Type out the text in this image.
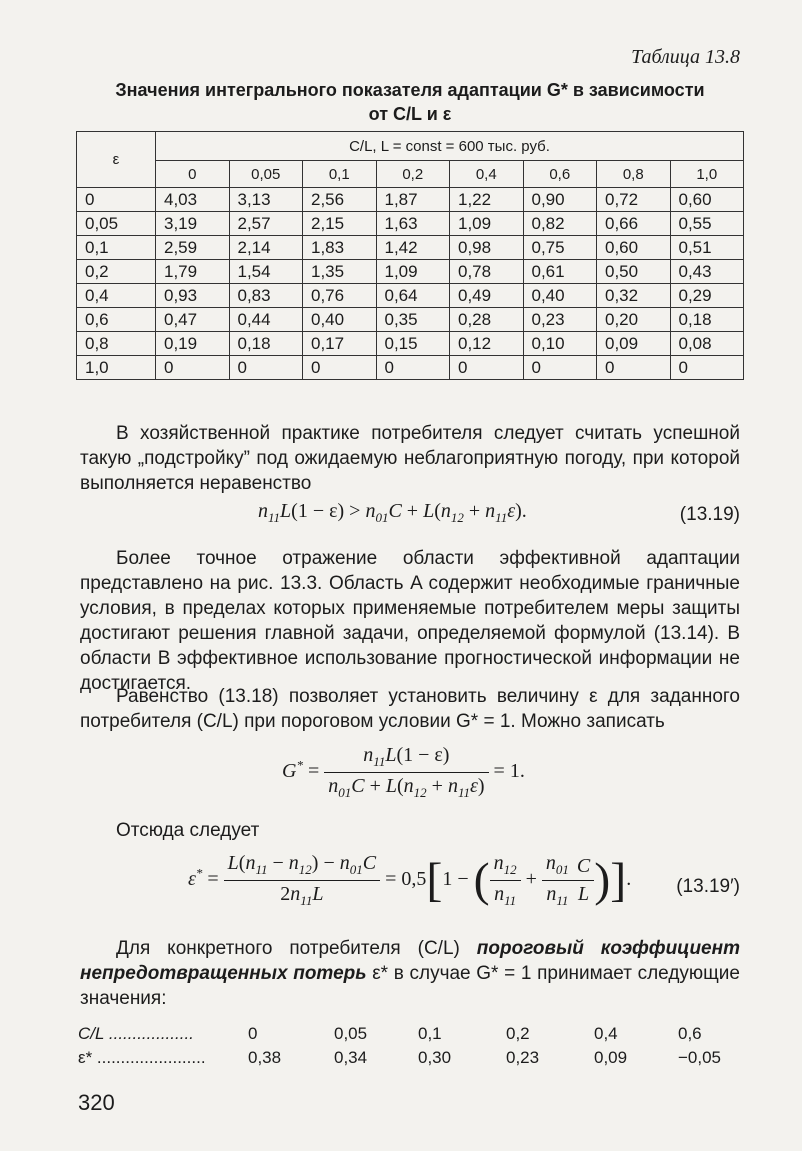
Таблица 13.8
Значения интегрального показателя адаптации G* в зависимости
от C/L и ε
ε	C/L, L = const = 600 тыс. руб.							
	0	0,05	0,1	0,2	0,4	0,6	0,8	1,0
0	4,03	3,13	2,56	1,87	1,22	0,90	0,72	0,60
0,05	3,19	2,57	2,15	1,63	1,09	0,82	0,66	0,55
0,1	2,59	2,14	1,83	1,42	0,98	0,75	0,60	0,51
0,2	1,79	1,54	1,35	1,09	0,78	0,61	0,50	0,43
0,4	0,93	0,83	0,76	0,64	0,49	0,40	0,32	0,29
0,6	0,47	0,44	0,40	0,35	0,28	0,23	0,20	0,18
0,8	0,19	0,18	0,17	0,15	0,12	0,10	0,09	0,08
1,0	0	0	0	0	0	0	0	0
В хозяйственной практике потребителя следует считать успешной такую „подстройку” под ожидаемую неблагоприятную погоду, при которой выполняется неравенство
$n_{11}L(1 - \varepsilon) > n_{01}C + L(n_{12} + n_{11}\varepsilon)$.	(13.19)
Более точное отражение области эффективной адаптации представлено на рис. 13.3. Область A содержит необходимые граничные условия, в пределах которых применяемые потребителем меры защиты достигают решения главной задачи, определяемой формулой (13.14). В области B эффективное использование прогностической информации не достигается.
Равенство (13.18) позволяет установить величину ε для заданного потребителя (C/L) при пороговом условии G* = 1. Можно записать
$G^* = \frac{n_{11}L(1 - \varepsilon)}{n_{01}C + L(n_{12} + n_{11}\varepsilon)} = 1$.
Отсюда следует
$\varepsilon^* = \frac{L(n_{11} - n_{12}) - n_{01}C}{2n_{11}L} = 0,5[1$ − ( $\frac{n_{12}}{n_{11}} + \frac{n_{01}}{n_{11}} \frac{C}{L}$ )]. (13.19′)
Для конкретного потребителя (C/L) пороговый коэффициент непредотвращенных потерь ε* в случае G* = 1 принимает следующие значения:
C/L ..................	0	0,05	0,1	0,2	0,4	0,6
ε* ....................... 0,38	0,34	0,30	0,23	0,09	−0,05
320
